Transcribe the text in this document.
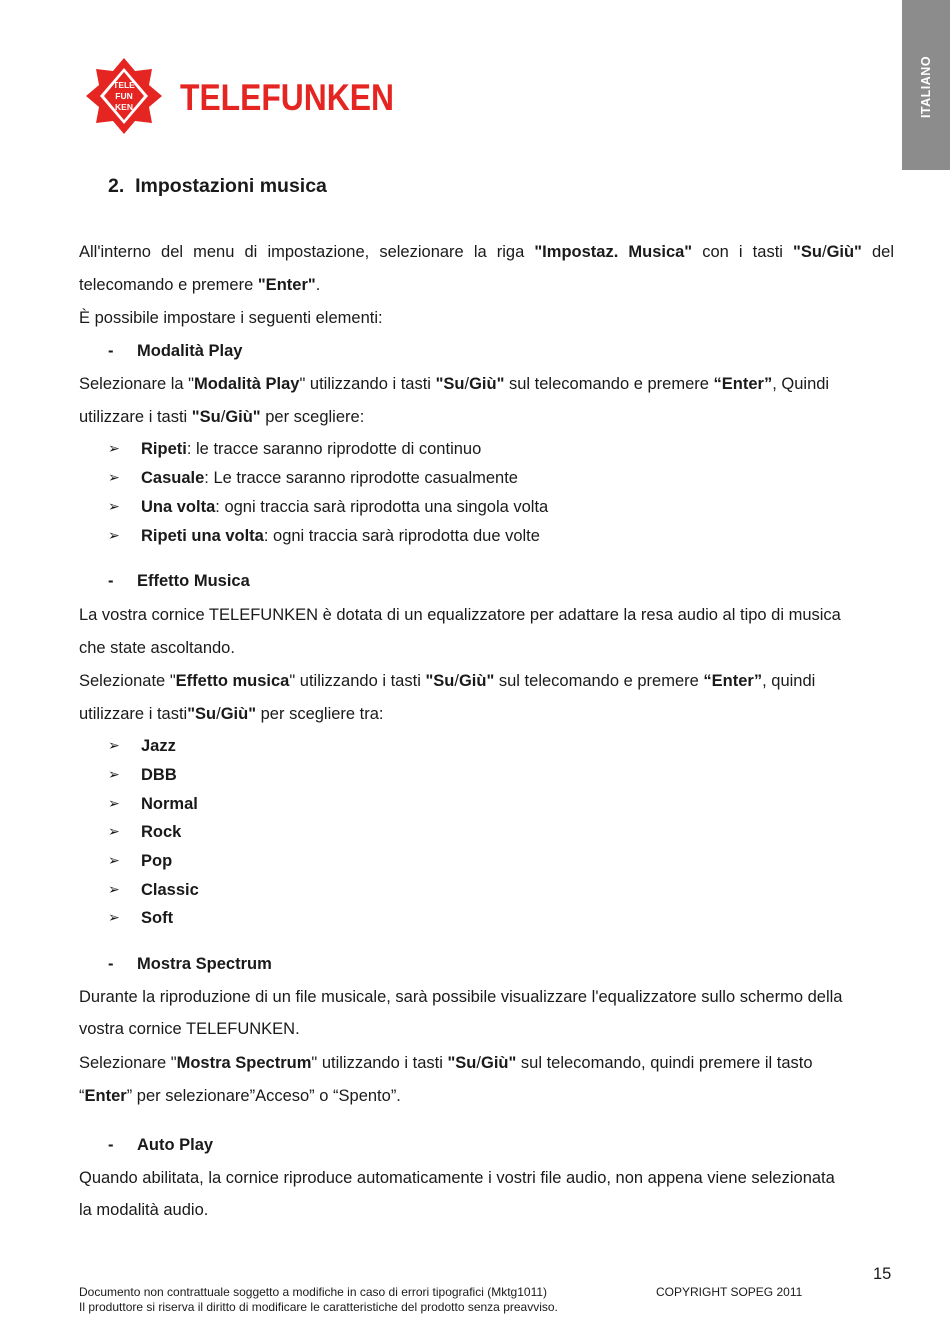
ITALIANO
TELE
FUN
KEN TELEFUNKEN
2. Impostazioni musica
All'interno del menu di impostazione, selezionare la riga "Impostaz. Musica" con i tasti "Su/Giù" del
telecomando e premere "Enter".
È possibile impostare i seguenti elementi:
- Modalità Play
Selezionare la "Modalità Play" utilizzando i tasti "Su/Giù" sul telecomando e premere “Enter”, Quindi
utilizzare i tasti "Su/Giù" per scegliere:
➢ Ripeti: le tracce saranno riprodotte di continuo
➢ Casuale: Le tracce saranno riprodotte casualmente
➢ Una volta: ogni traccia sarà riprodotta una singola volta
➢ Ripeti una volta: ogni traccia sarà riprodotta due volte
- Effetto Musica
La vostra cornice TELEFUNKEN è dotata di un equalizzatore per adattare la resa audio al tipo di musica
che state ascoltando.
Selezionate "Effetto musica" utilizzando i tasti "Su/Giù" sul telecomando e premere “Enter”, quindi
utilizzare i tasti"Su/Giù" per scegliere tra:
➢ Jazz
➢ DBB
➢ Normal
➢ Rock
➢ Pop
➢ Classic
➢ Soft
- Mostra Spectrum
Durante la riproduzione di un file musicale, sarà possibile visualizzare l'equalizzatore sullo schermo della
vostra cornice TELEFUNKEN.
Selezionare "Mostra Spectrum" utilizzando i tasti "Su/Giù" sul telecomando, quindi premere il tasto
“Enter” per selezionare”Acceso” o “Spento”.
- Auto Play
Quando abilitata, la cornice riproduce automaticamente i vostri file audio, non appena viene selezionata
la modalità audio.
15
Documento non contrattuale soggetto a modifiche in caso di errori tipografici (Mktg1011)	COPYRIGHT SOPEG 2011
Il produttore si riserva il diritto di modificare le caratteristiche del prodotto senza preavviso.
